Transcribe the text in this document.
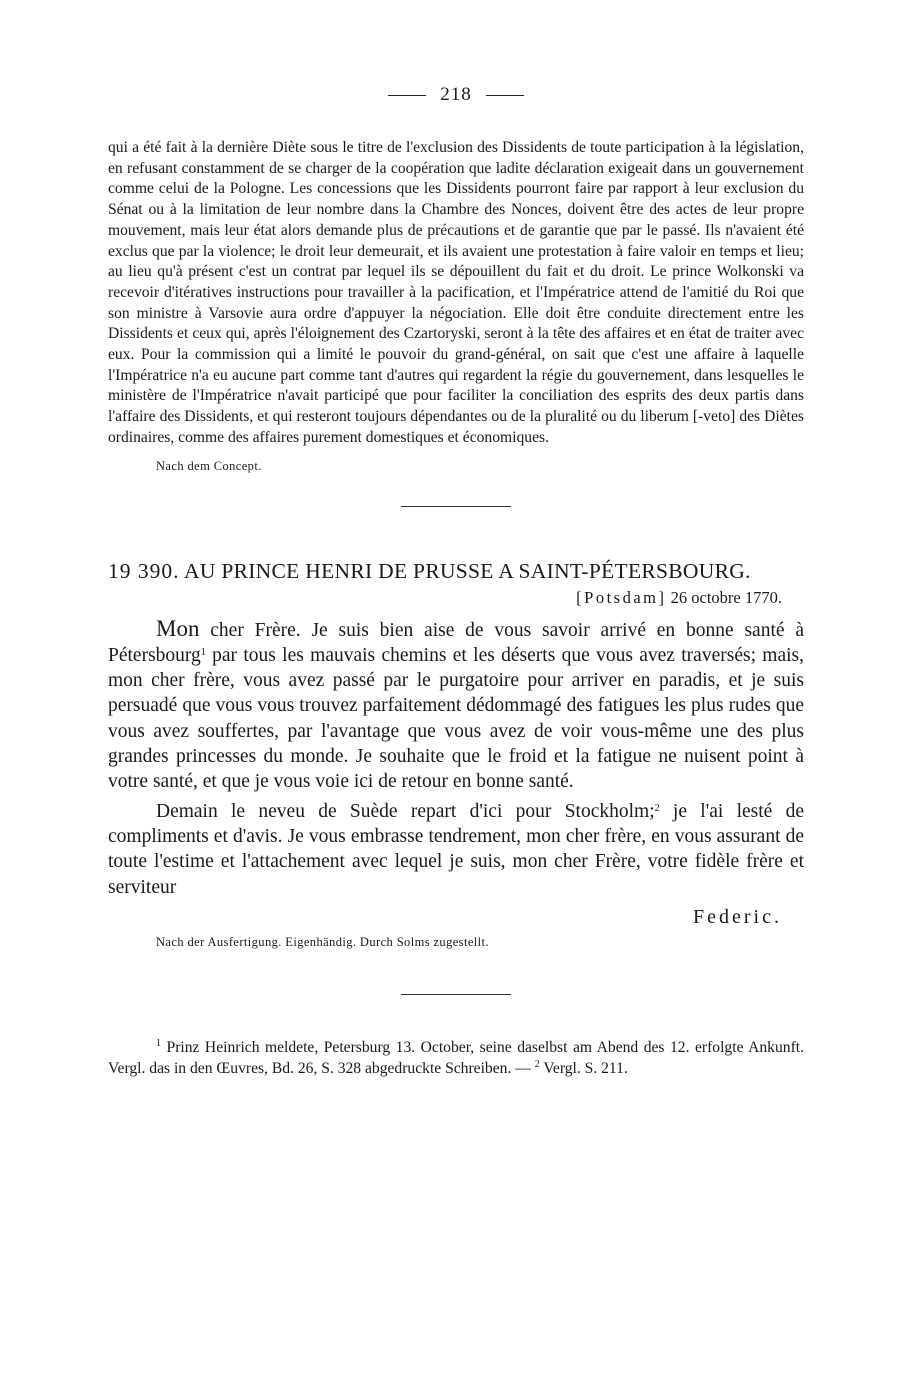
218

qui a été fait à la dernière Diète sous le titre de l'exclusion des Dissidents de toute participation à la législation, en refusant constamment de se charger de la coopération que ladite déclaration exigeait dans un gouvernement comme celui de la Pologne. Les concessions que les Dissidents pourront faire par rapport à leur exclusion du Sénat ou à la limitation de leur nombre dans la Chambre des Nonces, doivent être des actes de leur propre mouvement, mais leur état alors demande plus de précautions et de garantie que par le passé. Ils n'avaient été exclus que par la violence; le droit leur demeurait, et ils avaient une protestation à faire valoir en temps et lieu; au lieu qu'à présent c'est un contrat par lequel ils se dépouillent du fait et du droit. Le prince Wolkonski va recevoir d'itératives instructions pour travailler à la pacification, et l'Impératrice attend de l'amitié du Roi que son ministre à Varsovie aura ordre d'appuyer la négociation. Elle doit être conduite directement entre les Dissidents et ceux qui, après l'éloignement des Czartoryski, seront à la tête des affaires et en état de traiter avec eux. Pour la commission qui a limité le pouvoir du grand-général, on sait que c'est une affaire à laquelle l'Impératrice n'a eu aucune part comme tant d'autres qui regardent la régie du gouvernement, dans lesquelles le ministère de l'Impératrice n'avait participé que pour faciliter la conciliation des esprits des deux partis dans l'affaire des Dissidents, et qui resteront toujours dépendantes ou de la pluralité ou du liberum [-veto] des Diètes ordinaires, comme des affaires purement domestiques et économiques.

Nach dem Concept.
19 390. AU PRINCE HENRI DE PRUSSE A SAINT-PÉTERSBOURG.
[Potsdam] 26 octobre 1770.

Mon cher Frère. Je suis bien aise de vous savoir arrivé en bonne santé à Pétersbourg$^1$ par tous les mauvais chemins et les déserts que vous avez traversés; mais, mon cher frère, vous avez passé par le purgatoire pour arriver en paradis, et je suis persuadé que vous vous trouvez parfaitement dédommagé des fatigues les plus rudes que vous avez souffertes, par l'avantage que vous avez de voir vous-même une des plus grandes princesses du monde. Je souhaite que le froid et la fatigue ne nuisent point à votre santé, et que je vous voie ici de retour en bonne santé.

Demain le neveu de Suède repart d'ici pour Stockholm;$^2$ je l'ai lesté de compliments et d'avis. Je vous embrasse tendrement, mon cher frère, en vous assurant de toute l'estime et l'attachement avec lequel je suis, mon cher Frère, votre fidèle frère et serviteur

Federic.
Nach der Ausfertigung. Eigenhändig. Durch Solms zugestellt.

$^1$ Prinz Heinrich meldete, Petersburg 13. October, seine daselbst am Abend des 12. erfolgte Ankunft. Vergl. das in den Œuvres, Bd. 26, S. 328 abgedruckte Schreiben. — $^2$ Vergl. S. 211.
